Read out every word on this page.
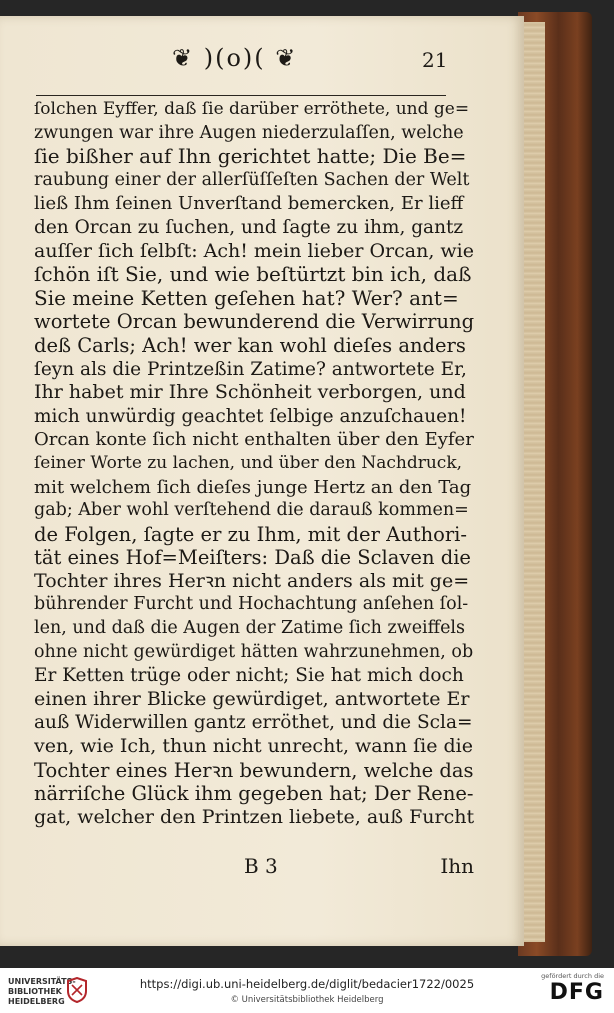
❦ )(o)( ❦	21
ſolchen Eyffer, daß ſie darüber erröthete, und ge=
zwungen war ihre Augen niederzulaſſen, welche
ſie bißher auf Ihn gerichtet hatte; Die Be=
raubung einer der allerſüſſeſten Sachen der Welt
ließ Ihm ſeinen Unverſtand bemercken, Er lieff
den Orcan zu ſuchen, und ſagte zu ihm, gantz
auſſer ſich ſelbſt: Ach! mein lieber Orcan, wie
ſchön iſt Sie, und wie beſtürtzt bin ich, daß
Sie meine Ketten geſehen hat? Wer? ant=
wortete Orcan bewunderend die Verwirrung
deß Carls; Ach! wer kan wohl dieſes anders
ſeyn als die Printzeßin Zatime? antwortete Er,
Ihr habet mir Ihre Schönheit verborgen, und
mich unwürdig geachtet ſelbige anzuſchauen!
Orcan konte ſich nicht enthalten über den Eyfer
ſeiner Worte zu lachen, und über den Nachdruck,
mit welchem ſich dieſes junge Hertz an den Tag
gab; Aber wohl verſtehend die darauß kommen=
de Folgen, ſagte er zu Ihm, mit der Authori-
tät eines Hof=Meiſters: Daß die Sclaven die
Tochter ihres Herꝛn nicht anders als mit ge=
bührender Furcht und Hochachtung anſehen ſol-
len, und daß die Augen der Zatime ſich zweiffels
ohne nicht gewürdiget hätten wahrzunehmen, ob
Er Ketten trüge oder nicht; Sie hat mich doch
einen ihrer Blicke gewürdiget, antwortete Er
auß Widerwillen gantz erröthet, und die Scla=
ven, wie Ich, thun nicht unrecht, wann ſie die
Tochter eines Herꝛn bewundern, welche das
närriſche Glück ihm gegeben hat; Der Rene-
gat, welcher den Printzen liebete, auß Furcht
B 3	Ihn
UNIVERSITÄTS-
BIBLIOTHEK
HEIDELBERG
https://digi.ub.uni-heidelberg.de/diglit/bedacier1722/0025
© Universitätsbibliothek Heidelberg
gefördert durch die
DFG
